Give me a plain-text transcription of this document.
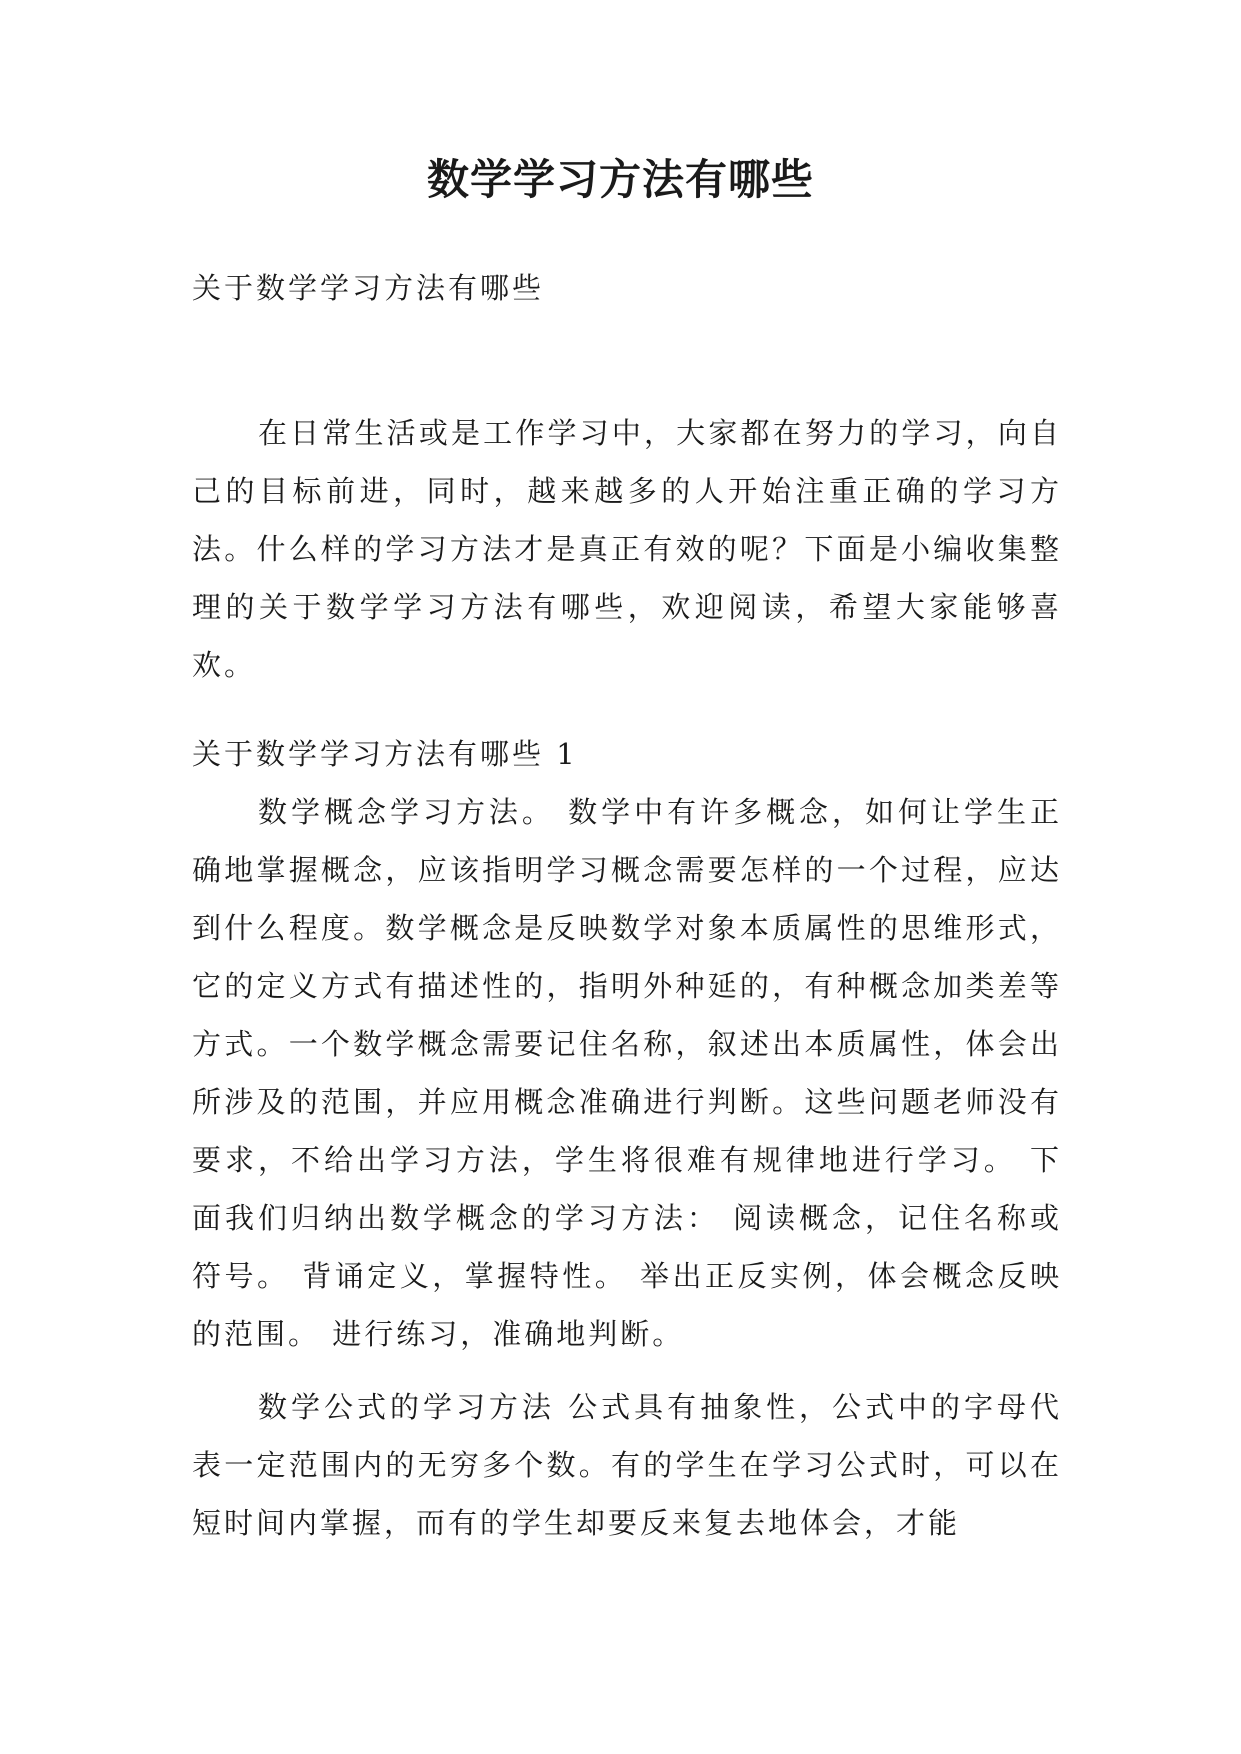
数学学习方法有哪些

关于数学学习方法有哪些

在日常生活或是工作学习中，大家都在努力的学习，向自己的目标前进，同时，越来越多的人开始注重正确的学习方法。什么样的学习方法才是真正有效的呢？下面是小编收集整理的关于数学学习方法有哪些，欢迎阅读，希望大家能够喜欢。

关于数学学习方法有哪些 1

数学概念学习方法。 数学中有许多概念，如何让学生正确地掌握概念，应该指明学习概念需要怎样的一个过程，应达到什么程度。数学概念是反映数学对象本质属性的思维形式，它的定义方式有描述性的，指明外种延的，有种概念加类差等方式。一个数学概念需要记住名称，叙述出本质属性，体会出所涉及的范围，并应用概念准确进行判断。这些问题老师没有要求，不给出学习方法，学生将很难有规律地进行学习。 下面我们归纳出数学概念的学习方法： 阅读概念，记住名称或符号。 背诵定义，掌握特性。 举出正反实例，体会概念反映的范围。 进行练习，准确地判断。

数学公式的学习方法 公式具有抽象性，公式中的字母代表一定范围内的无穷多个数。有的学生在学习公式时，可以在短时间内掌握，而有的学生却要反来复去地体会，才能
